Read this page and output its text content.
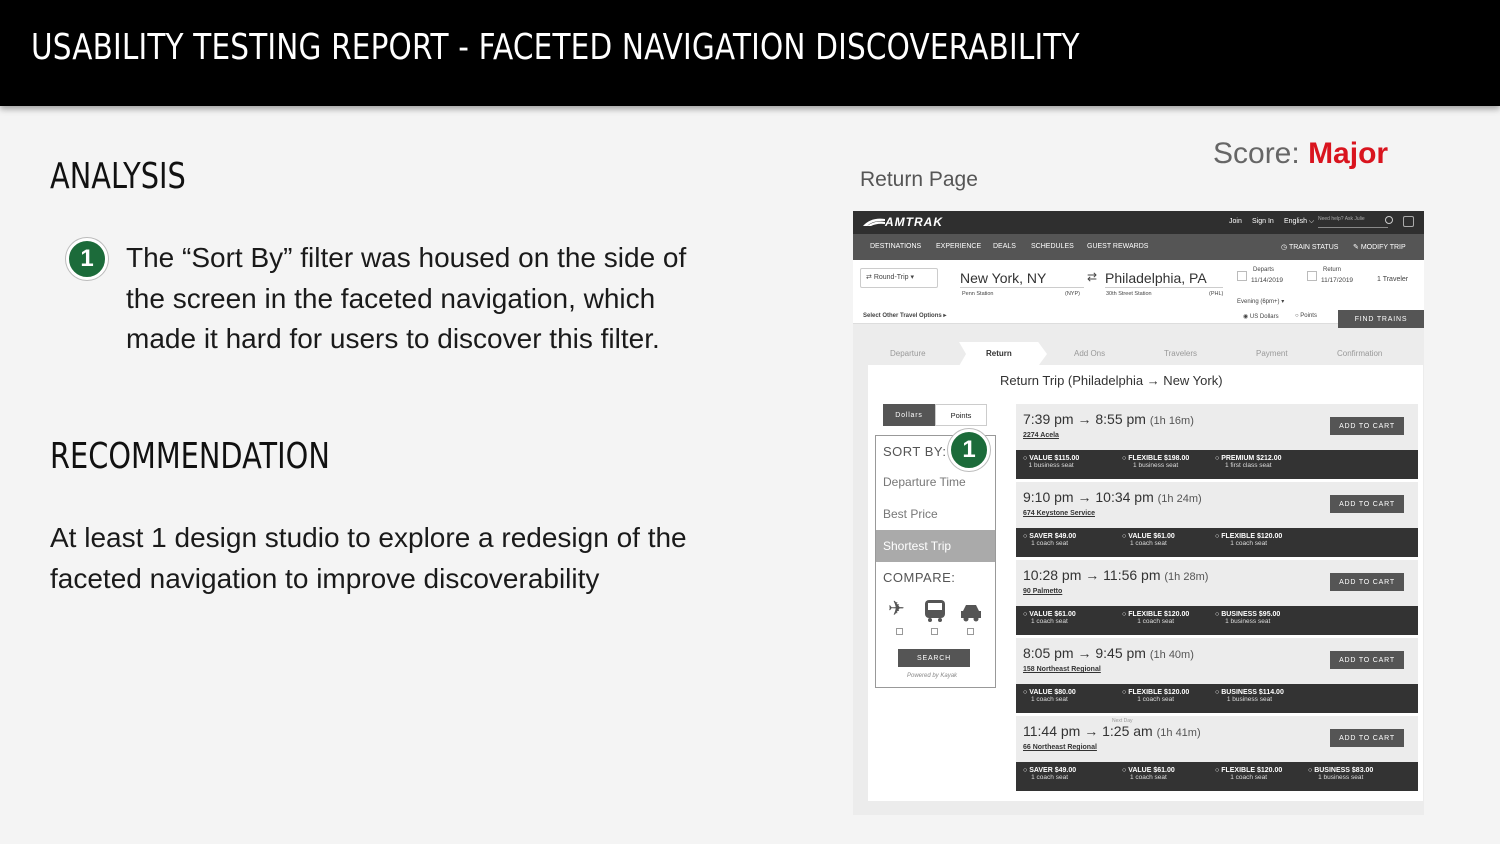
USABILITY TESTING REPORT - FACETED NAVIGATION DISCOVERABILITY
ANALYSIS
1	The “Sort By” filter was housed on the side of the screen in the faceted navigation, which made it hard for users to discover this filter.
RECOMMENDATION
At least 1 design studio to explore a redesign of the faceted navigation to improve discoverability
Score: Major
Return Page
AMTRAK	Join Sign In English ⌵ Need help? Ask Julie
DESTINATIONS EXPERIENCE DEALS SCHEDULES GUEST REWARDS	◷ TRAIN STATUS ✎ MODIFY TRIP
⇄ Round-Trip ▾	New York, NY
Penn Station	(NYP)
⇄ Philadelphia, PA
30th Street Station	(PHL)
Departs
11/14/2019
Return
11/17/2019	1 Traveler
Evening (6pm+) ▾
Select Other Travel Options ▸	◉ US Dollars	○ Points	FIND TRAINS
Departure	Return	Add Ons	Travelers	Payment	Confirmation
Return Trip (Philadelphia → New York)
Dollars	Points
SORT BY: 1
Departure Time
Best Price
Shortest Trip
COMPARE:
✈
SEARCH
Powered by Kayak
7:39 pm → 8:55 pm (1h 16m)
2274 Acela
ADD TO CART
○ VALUE $115.00
1 business seat
○ FLEXIBLE $198.00
1 business seat
○ PREMIUM $212.00
1 first class seat
9:10 pm → 10:34 pm (1h 24m)
674 Keystone Service
ADD TO CART
○ SAVER $49.00
1 coach seat
○ VALUE $61.00
1 coach seat
○ FLEXIBLE $120.00
1 coach seat
10:28 pm → 11:56 pm (1h 28m)
90 Palmetto
ADD TO CART
○ VALUE $61.00
1 coach seat
○ FLEXIBLE $120.00
1 coach seat
○ BUSINESS $95.00
1 business seat
8:05 pm → 9:45 pm (1h 40m)
158 Northeast Regional
ADD TO CART
○ VALUE $80.00
1 coach seat
○ FLEXIBLE $120.00
1 coach seat
○ BUSINESS $114.00
1 business seat
Next Day
11:44 pm → 1:25 am (1h 41m)
66 Northeast Regional
ADD TO CART
○ SAVER $49.00
1 coach seat
○ VALUE $61.00
1 coach seat
○ FLEXIBLE $120.00
1 coach seat
○ BUSINESS $83.00
1 business seat
